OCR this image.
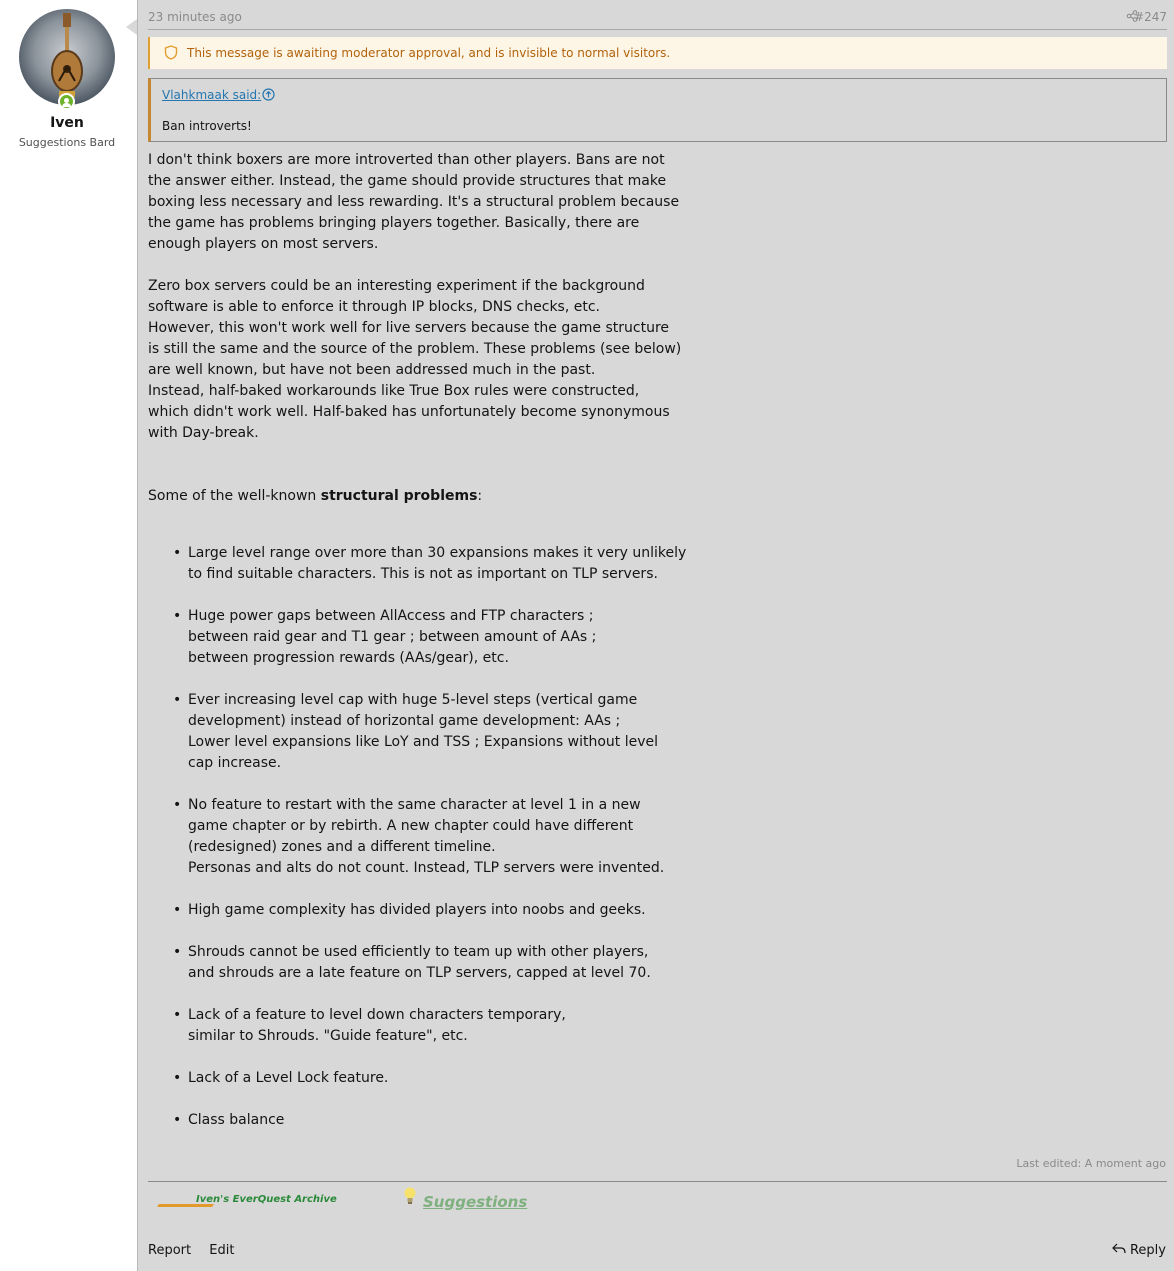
Iven
Suggestions Bard
23 minutes ago	#247
This message is awaiting moderator approval, and is invisible to normal visitors.
Vlahkmaak said:
Ban introverts!
I don't think boxers are more introverted than other players. Bans are not
the answer either. Instead, the game should provide structures that make
boxing less necessary and less rewarding. It's a structural problem because
the game has problems bringing players together. Basically, there are
enough players on most servers.
Zero box servers could be an interesting experiment if the background
software is able to enforce it through IP blocks, DNS checks, etc.
However, this won't work well for live servers because the game structure
is still the same and the source of the problem. These problems (see below)
are well known, but have not been addressed much in the past.
Instead, half-baked workarounds like True Box rules were constructed,
which didn't work well. Half-baked has unfortunately become synonymous
with Day-break.
Some of the well-known structural problems:
• Large level range over more than 30 expansions makes it very unlikely
to find suitable characters. This is not as important on TLP servers.
• Huge power gaps between AllAccess and FTP characters ;
between raid gear and T1 gear ; between amount of AAs ;
between progression rewards (AAs/gear), etc.
• Ever increasing level cap with huge 5-level steps (vertical game
development) instead of horizontal game development: AAs ;
Lower level expansions like LoY and TSS ; Expansions without level
cap increase.
• No feature to restart with the same character at level 1 in a new
game chapter or by rebirth. A new chapter could have different
(redesigned) zones and a different timeline.
Personas and alts do not count. Instead, TLP servers were invented.
• High game complexity has divided players into noobs and geeks.
• Shrouds cannot be used efficiently to team up with other players,
and shrouds are a late feature on TLP servers, capped at level 70.
• Lack of a feature to level down characters temporary,
similar to Shrouds. "Guide feature", etc.
• Lack of a Level Lock feature.
• Class balance
Last edited: A moment ago
Iven's EverQuest Archive	Suggestions
Report Edit	Reply
